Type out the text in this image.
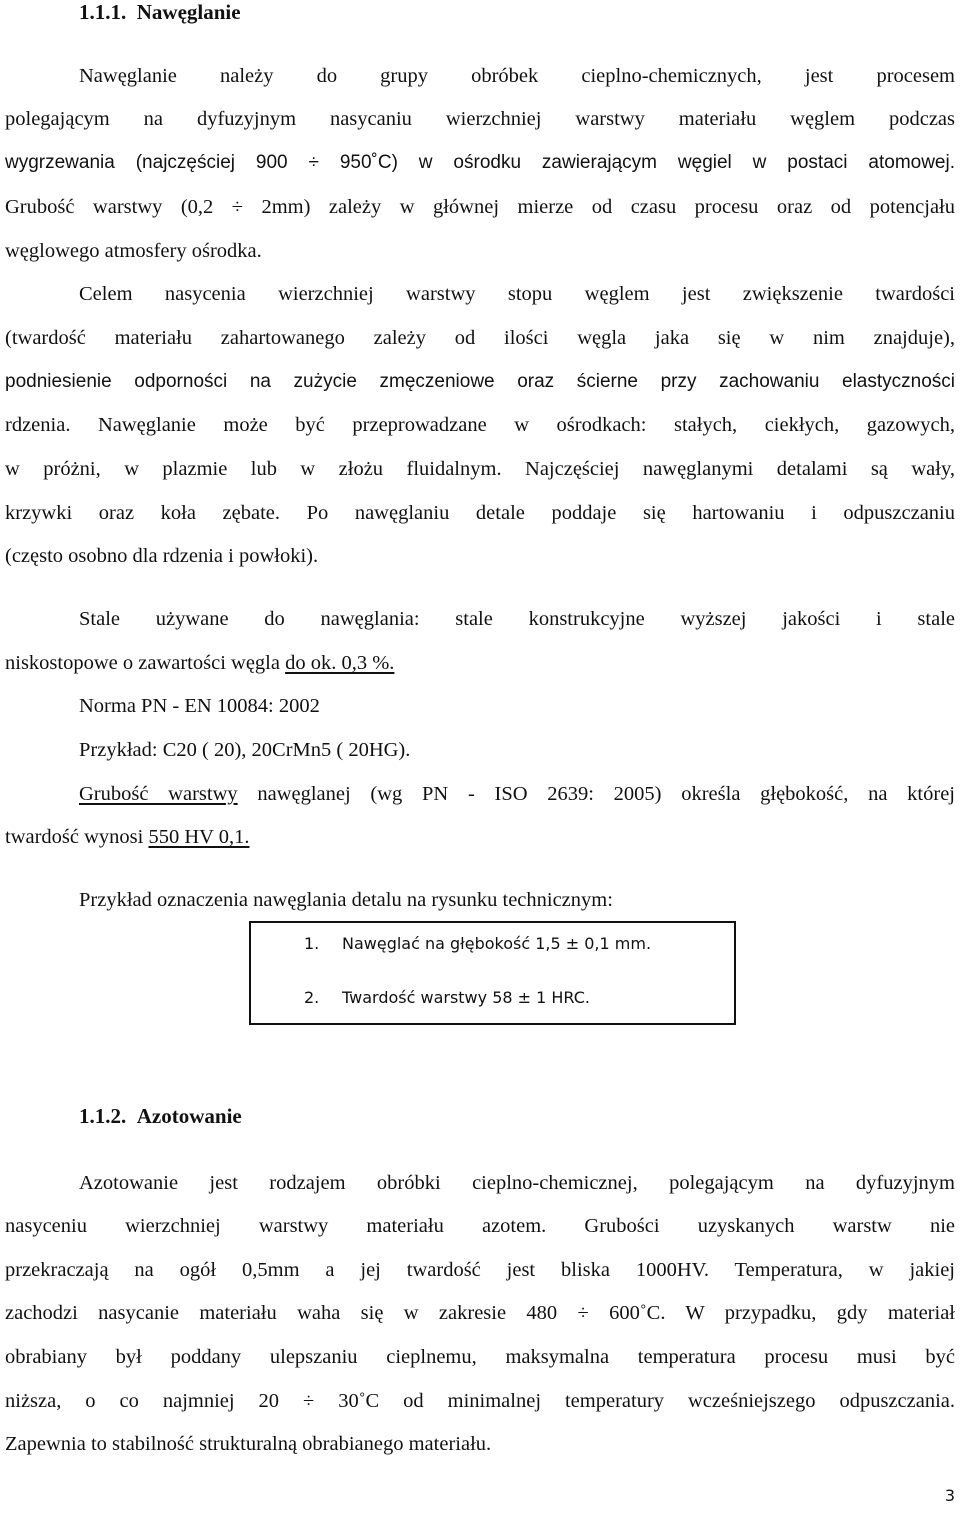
1.1.1. Nawęglanie
Nawęglanie należy do grupy obróbek cieplno-chemicznych, jest procesem
polegającym na dyfuzyjnym nasycaniu wierzchniej warstwy materiału węglem podczas
wygrzewania (najczęściej 900 ÷ 950˚C) w ośrodku zawierającym węgiel w postaci atomowej.
Grubość warstwy (0,2 ÷ 2mm) zależy w głównej mierze od czasu procesu oraz od potencjału
węglowego atmosfery ośrodka.
Celem nasycenia wierzchniej warstwy stopu węglem jest zwiększenie twardości
(twardość materiału zahartowanego zależy od ilości węgla jaka się w nim znajduje),
podniesienie odporności na zużycie zmęczeniowe oraz ścierne przy zachowaniu elastyczności
rdzenia. Nawęglanie może być przeprowadzane w ośrodkach: stałych, ciekłych, gazowych,
w próżni, w plazmie lub w złożu fluidalnym. Najczęściej nawęglanymi detalami są wały,
krzywki oraz koła zębate. Po nawęglaniu detale poddaje się hartowaniu i odpuszczaniu
(często osobno dla rdzenia i powłoki).
Stale używane do nawęglania: stale konstrukcyjne wyższej jakości i stale
niskostopowe o zawartości węgla do ok. 0,3 %.
Norma PN - EN 10084: 2002
Przykład: C20 ( 20), 20CrMn5 ( 20HG).
Grubość warstwy nawęglanej (wg PN - ISO 2639: 2005) określa głębokość, na której
twardość wynosi 550 HV 0,1.
Przykład oznaczenia nawęglania detalu na rysunku technicznym:
1. Nawęglać na głębokość 1,5 ± 0,1 mm.
2. Twardość warstwy 58 ± 1 HRC.
1.1.2. Azotowanie
Azotowanie jest rodzajem obróbki cieplno-chemicznej, polegającym na dyfuzyjnym
nasyceniu wierzchniej warstwy materiału azotem. Grubości uzyskanych warstw nie
przekraczają na ogół 0,5mm a jej twardość jest bliska 1000HV. Temperatura, w jakiej
zachodzi nasycanie materiału waha się w zakresie 480 ÷ 600˚C. W przypadku, gdy materiał
obrabiany był poddany ulepszaniu cieplnemu, maksymalna temperatura procesu musi być
niższa, o co najmniej 20 ÷ 30˚C od minimalnej temperatury wcześniejszego odpuszczania.
Zapewnia to stabilność strukturalną obrabianego materiału.
3
